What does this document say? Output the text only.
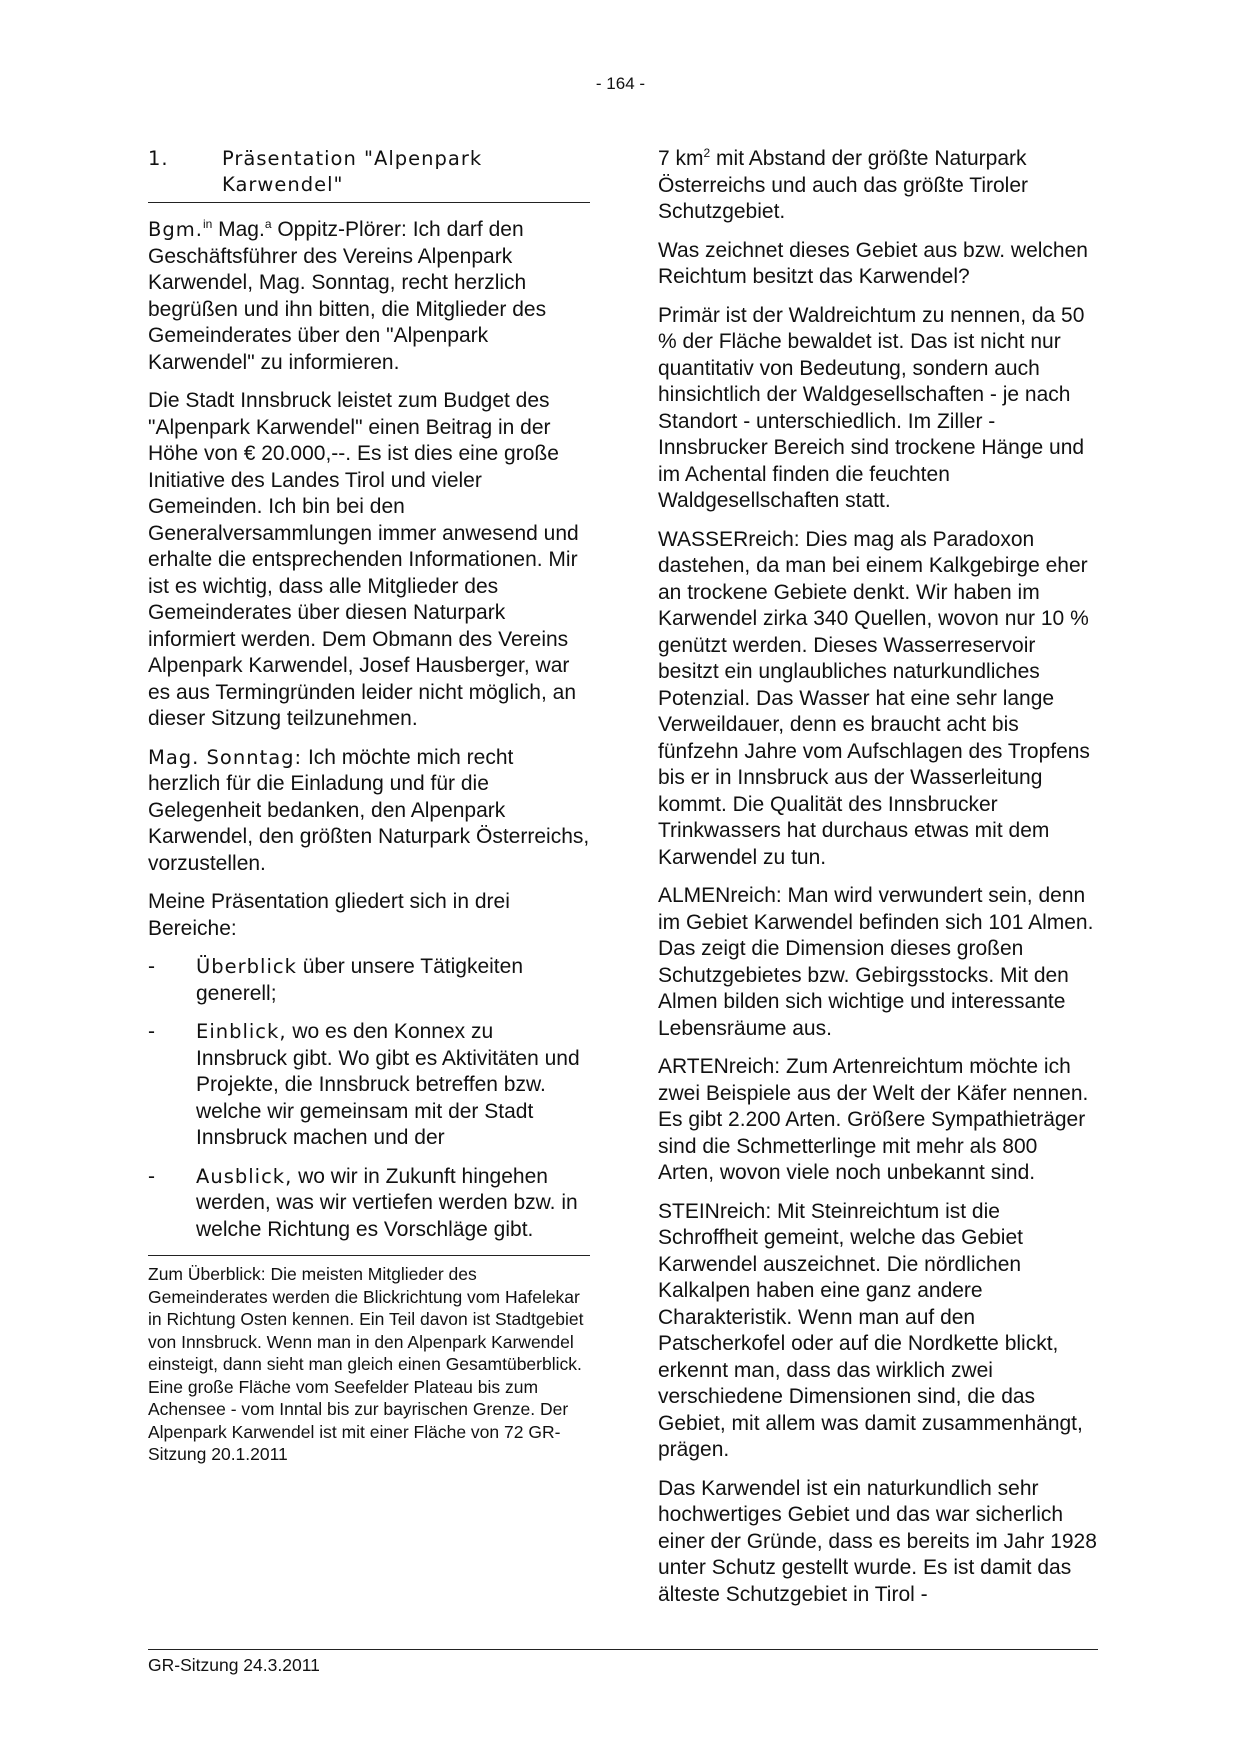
- 164 -
1.	Präsentation "Alpenpark Karwendel"

Bgm.$^{in}$ Mag.$^a$ Oppitz-Plörer: Ich darf den Geschäftsführer des Vereins Alpenpark Karwendel, Mag. Sonntag, recht herzlich begrüßen und ihn bitten, die Mitglieder des Gemeinderates über den "Alpenpark Karwendel" zu informieren.

Die Stadt Innsbruck leistet zum Budget des "Alpenpark Karwendel" einen Beitrag in der Höhe von € 20.000,--. Es ist dies eine große Initiative des Landes Tirol und vieler Gemeinden. Ich bin bei den Generalversammlungen immer anwesend und erhalte die entsprechenden Informationen. Mir ist es wichtig, dass alle Mitglieder des Gemeinderates über diesen Naturpark informiert werden. Dem Obmann des Vereins Alpenpark Karwendel, Josef Hausberger, war es aus Termingründen leider nicht möglich, an dieser Sitzung teilzunehmen.

Mag. Sonntag: Ich möchte mich recht herzlich für die Einladung und für die Gelegenheit bedanken, den Alpenpark Karwendel, den größten Naturpark Österreichs, vorzustellen.

Meine Präsentation gliedert sich in drei Bereiche:

-	Überblick über unsere Tätigkeiten generell;
-	Einblick, wo es den Konnex zu Innsbruck gibt. Wo gibt es Aktivitäten und Projekte, die Innsbruck betreffen bzw. welche wir gemeinsam mit der Stadt Innsbruck machen und der
-	Ausblick, wo wir in Zukunft hingehen werden, was wir vertiefen werden bzw. in welche Richtung es Vorschläge gibt.
Zum Überblick: Die meisten Mitglieder des Gemeinderates werden die Blickrichtung vom Hafelekar in Richtung Osten kennen. Ein Teil davon ist Stadtgebiet von Innsbruck. Wenn man in den Alpenpark Karwendel einsteigt, dann sieht man gleich einen Gesamtüberblick. Eine große Fläche vom Seefelder Plateau bis zum Achensee - vom Inntal bis zur bayrischen Grenze. Der Alpenpark Karwendel ist mit einer Fläche von 72 GR-Sitzung 20.1.2011

7 $km^2$ mit Abstand der größte Naturpark Österreichs und auch das größte Tiroler Schutzgebiet.

Was zeichnet dieses Gebiet aus bzw. welchen Reichtum besitzt das Karwendel?

Primär ist der Waldreichtum zu nennen, da 50 % der Fläche bewaldet ist. Das ist nicht nur quantitativ von Bedeutung, sondern auch hinsichtlich der Waldgesellschaften - je nach Standort - unterschiedlich. Im Ziller - Innsbrucker Bereich sind trockene Hänge und im Achental finden die feuchten Waldgesellschaften statt.

WASSERreich: Dies mag als Paradoxon dastehen, da man bei einem Kalkgebirge eher an trockene Gebiete denkt. Wir haben im Karwendel zirka 340 Quellen, wovon nur 10 % genützt werden. Dieses Wasserreservoir besitzt ein unglaubliches naturkundliches Potenzial. Das Wasser hat eine sehr lange Verweildauer, denn es braucht acht bis fünfzehn Jahre vom Aufschlagen des Tropfens bis er in Innsbruck aus der Wasserleitung kommt. Die Qualität des Innsbrucker Trinkwassers hat durchaus etwas mit dem Karwendel zu tun.

ALMENreich: Man wird verwundert sein, denn im Gebiet Karwendel befinden sich 101 Almen. Das zeigt die Dimension dieses großen Schutzgebietes bzw. Gebirgsstocks. Mit den Almen bilden sich wichtige und interessante Lebensräume aus.

ARTENreich: Zum Artenreichtum möchte ich zwei Beispiele aus der Welt der Käfer nennen. Es gibt 2.200 Arten. Größere Sympathieträger sind die Schmetterlinge mit mehr als 800 Arten, wovon viele noch unbekannt sind.

STEINreich: Mit Steinreichtum ist die Schroffheit gemeint, welche das Gebiet Karwendel auszeichnet. Die nördlichen Kalkalpen haben eine ganz andere Charakteristik. Wenn man auf den Patscherkofel oder auf die Nordkette blickt, erkennt man, dass das wirklich zwei verschiedene Dimensionen sind, die das Gebiet, mit allem was damit zusammenhängt, prägen.

Das Karwendel ist ein naturkundlich sehr hochwertiges Gebiet und das war sicherlich einer der Gründe, dass es bereits im Jahr 1928 unter Schutz gestellt wurde. Es ist damit das älteste Schutzgebiet in Tirol -

GR-Sitzung 24.3.2011
